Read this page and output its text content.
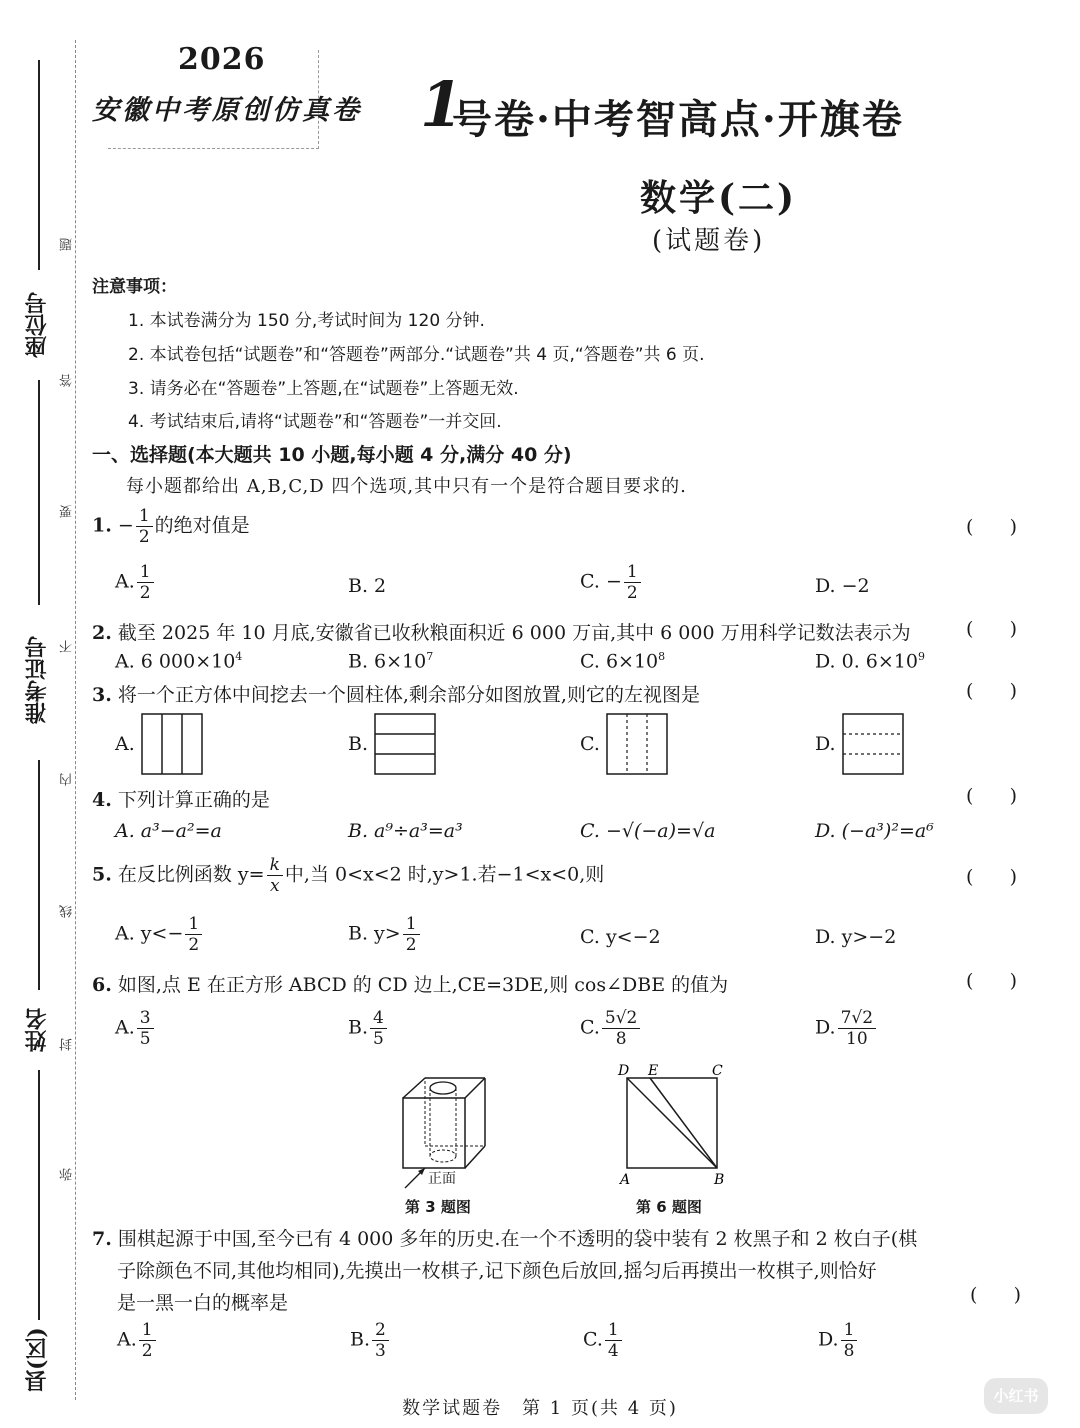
座位号
准考证号
姓名
县(区)
题
答
要
不
内
线
封
弥
2026
安徽中考原创仿真卷 1
号卷·中考智高点·开旗卷
数学(二)
(试题卷)
注意事项：
1. 本试卷满分为 150 分,考试时间为 120 分钟.
2. 本试卷包括“试题卷”和“答题卷”两部分.“试题卷”共 4 页,“答题卷”共 6 页.
3. 请务必在“答题卷”上答题,在“试题卷”上答题无效.
4. 考试结束后,请将“试题卷”和“答题卷”一并交回.
一、选择题(本大题共 10 小题,每小题 4 分,满分 40 分)
每小题都给出 A,B,C,D 四个选项,其中只有一个是符合题目要求的.
1. − $\frac{1}{2}$ 的绝对值是	(      )
A. $\frac{1}{2}$	B. 2	C. − $\frac{1}{2}$	D. −2
2. 截至 2025 年 10 月底,安徽省已收秋粮面积近 6 000 万亩,其中 6 000 万用科学记数法表示为	(      )
A. 6 $000\times 10^4$	B. $6\times 10^7$	C. $6\times 10^8$	D. 0. $6\times 10^9$
3. 将一个正方体中间挖去一个圆柱体,剩余部分如图放置,则它的左视图是	(      )
A.	B.	C.	D.
4. 下列计算正确的是	(      )
A. a³−a²=a	B. a⁹÷a³=a³	C. −√(−a)=√a	D. (−a³)²=a⁶
5. 在反比例函数 $y= \frac{k}{x}$ 中,当 0<x<2 时,y>1.若−1<x<0,则	(      )
A. $y<- \frac{1}{2}$	B. $y> \frac{1}{2}$	C. y<−2	D. y>−2
6. 如图,点 E 在正方形 ABCD 的 CD 边上,CE=3DE,则 cos∠DBE 的值为	(      )
A. $\frac{3}{5}$	B. $\frac{4}{5}$	C. $\frac{5√2}{8}$	D. $\frac{7√2}{10}$
正面
第 3 题图
D E	C
A	B
第 6 题图
7. 围棋起源于中国,至今已有 4 000 多年的历史.在一个不透明的袋中装有 2 枚黑子和 2 枚白子(棋
子除颜色不同,其他均相同),先摸出一枚棋子,记下颜色后放回,摇匀后再摸出一枚棋子,则恰好
是一黑一白的概率是	(      )
A. $\frac{1}{2}$	B. $\frac{2}{3}$	C. $\frac{1}{4}$	D. $\frac{1}{8}$
数学试题卷　第 1 页(共 4 页)
小红书
